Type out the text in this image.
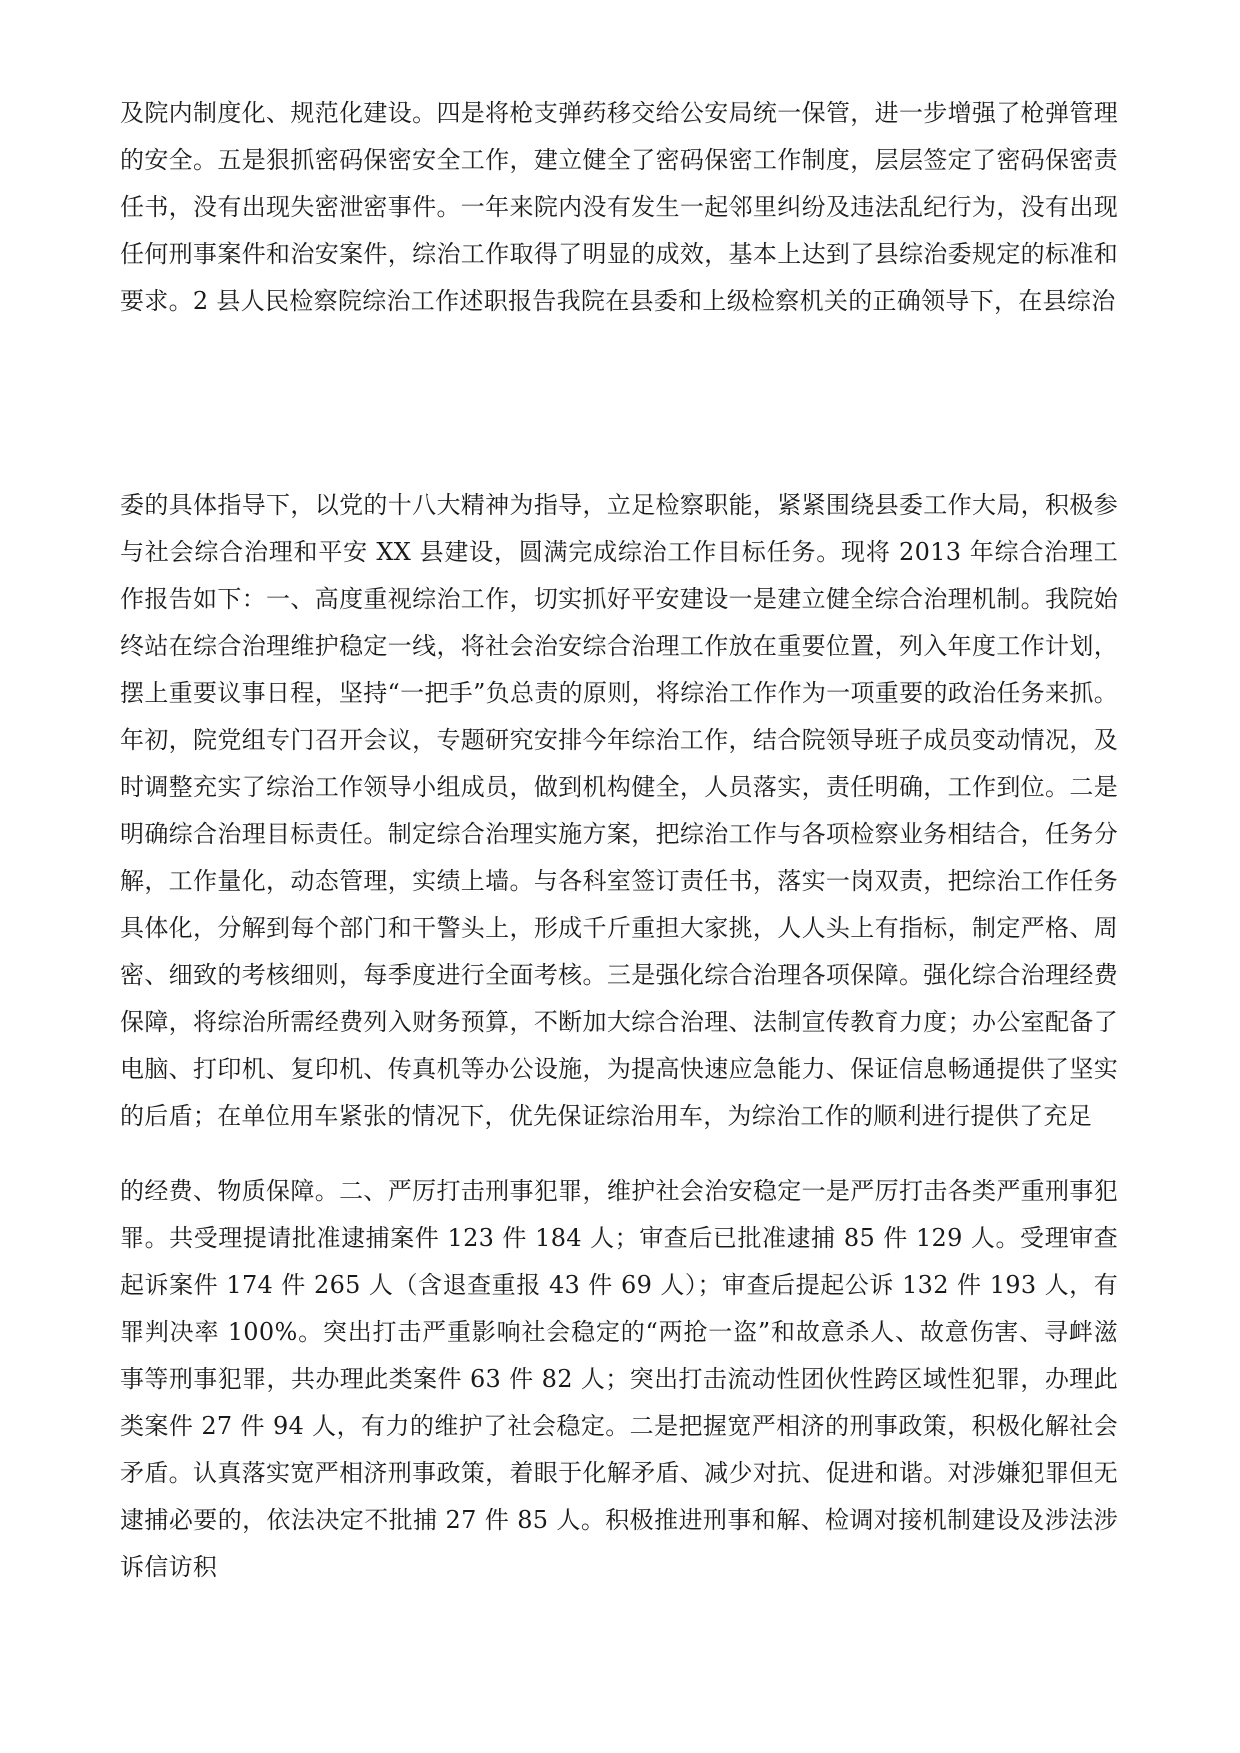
及院内制度化、规范化建设。四是将枪支弹药移交给公安局统一保管，进一步增强了枪弹管理的安全。五是狠抓密码保密安全工作，建立健全了密码保密工作制度，层层签定了密码保密责任书，没有出现失密泄密事件。一年来院内没有发生一起邻里纠纷及违法乱纪行为，没有出现任何刑事案件和治安案件，综治工作取得了明显的成效，基本上达到了县综治委规定的标准和要求。2 县人民检察院综治工作述职报告我院在县委和上级检察机关的正确领导下，在县综治

委的具体指导下，以党的十八大精神为指导，立足检察职能，紧紧围绕县委工作大局，积极参与社会综合治理和平安 XX 县建设，圆满完成综治工作目标任务。现将 2013 年综合治理工作报告如下：一、高度重视综治工作，切实抓好平安建设一是建立健全综合治理机制。我院始终站在综合治理维护稳定一线，将社会治安综合治理工作放在重要位置，列入年度工作计划，摆上重要议事日程，坚持“一把手”负总责的原则，将综治工作作为一项重要的政治任务来抓。年初，院党组专门召开会议，专题研究安排今年综治工作，结合院领导班子成员变动情况，及时调整充实了综治工作领导小组成员，做到机构健全，人员落实，责任明确，工作到位。二是明确综合治理目标责任。制定综合治理实施方案，把综治工作与各项检察业务相结合，任务分解，工作量化，动态管理，实绩上墙。与各科室签订责任书，落实一岗双责，把综治工作任务具体化，分解到每个部门和干警头上，形成千斤重担大家挑，人人头上有指标，制定严格、周密、细致的考核细则，每季度进行全面考核。三是强化综合治理各项保障。强化综合治理经费保障，将综治所需经费列入财务预算，不断加大综合治理、法制宣传教育力度；办公室配备了电脑、打印机、复印机、传真机等办公设施，为提高快速应急能力、保证信息畅通提供了坚实的后盾；在单位用车紧张的情况下，优先保证综治用车，为综治工作的顺利进行提供了充足

的经费、物质保障。二、严厉打击刑事犯罪，维护社会治安稳定一是严厉打击各类严重刑事犯罪。共受理提请批准逮捕案件 123 件 184 人；审查后已批准逮捕 85 件 129 人。受理审查起诉案件 174 件 265 人（含退查重报 43 件 69 人）；审查后提起公诉 132 件 193 人，有罪判决率 100%。突出打击严重影响社会稳定的“两抢一盗”和故意杀人、故意伤害、寻衅滋事等刑事犯罪，共办理此类案件 63 件 82 人；突出打击流动性团伙性跨区域性犯罪，办理此类案件 27 件 94 人，有力的维护了社会稳定。二是把握宽严相济的刑事政策，积极化解社会矛盾。认真落实宽严相济刑事政策，着眼于化解矛盾、减少对抗、促进和谐。对涉嫌犯罪但无逮捕必要的，依法决定不批捕 27 件 85 人。积极推进刑事和解、检调对接机制建设及涉法涉诉信访积
